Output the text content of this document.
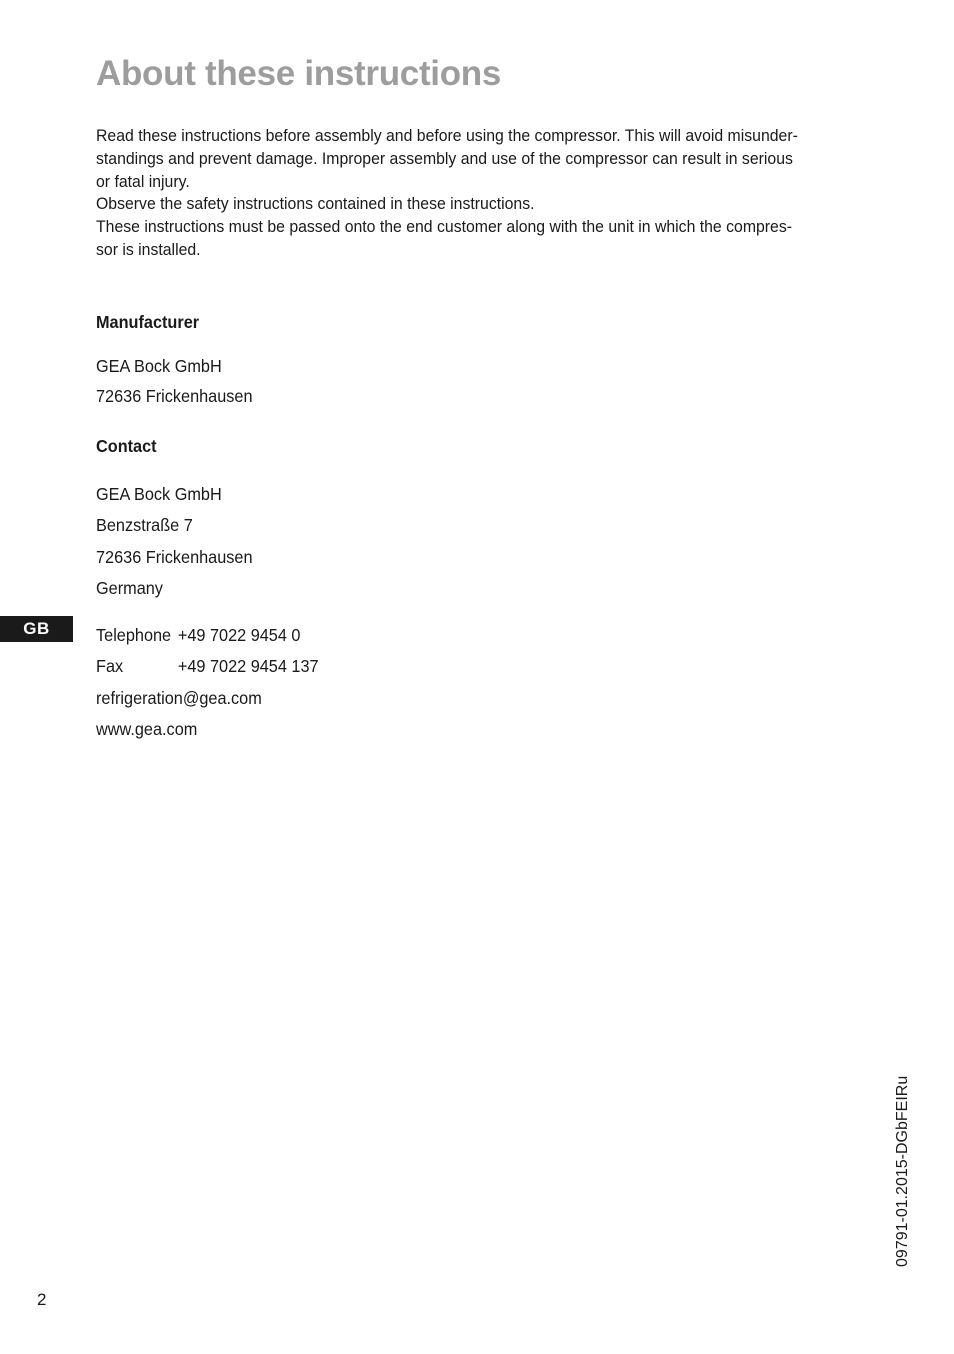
About these instructions

Read these instructions before assembly and before using the compressor. This will avoid misunder-standings and prevent damage. Improper assembly and use of the compressor can result in serious or fatal injury.

Observe the safety instructions contained in these instructions.

These instructions must be passed onto the end customer along with the unit in which the compres-sor is installed.

Manufacturer
GEA Bock GmbH
72636 Frickenhausen
Contact
GEA Bock GmbH
Benzstraße 7
72636 Frickenhausen
Germany
Telephone +49 7022 9454 0
Fax	+49 7022 9454 137
refrigeration@gea.com
www.gea.com
GB
09791-01.2015-DGbFEIRu
2
